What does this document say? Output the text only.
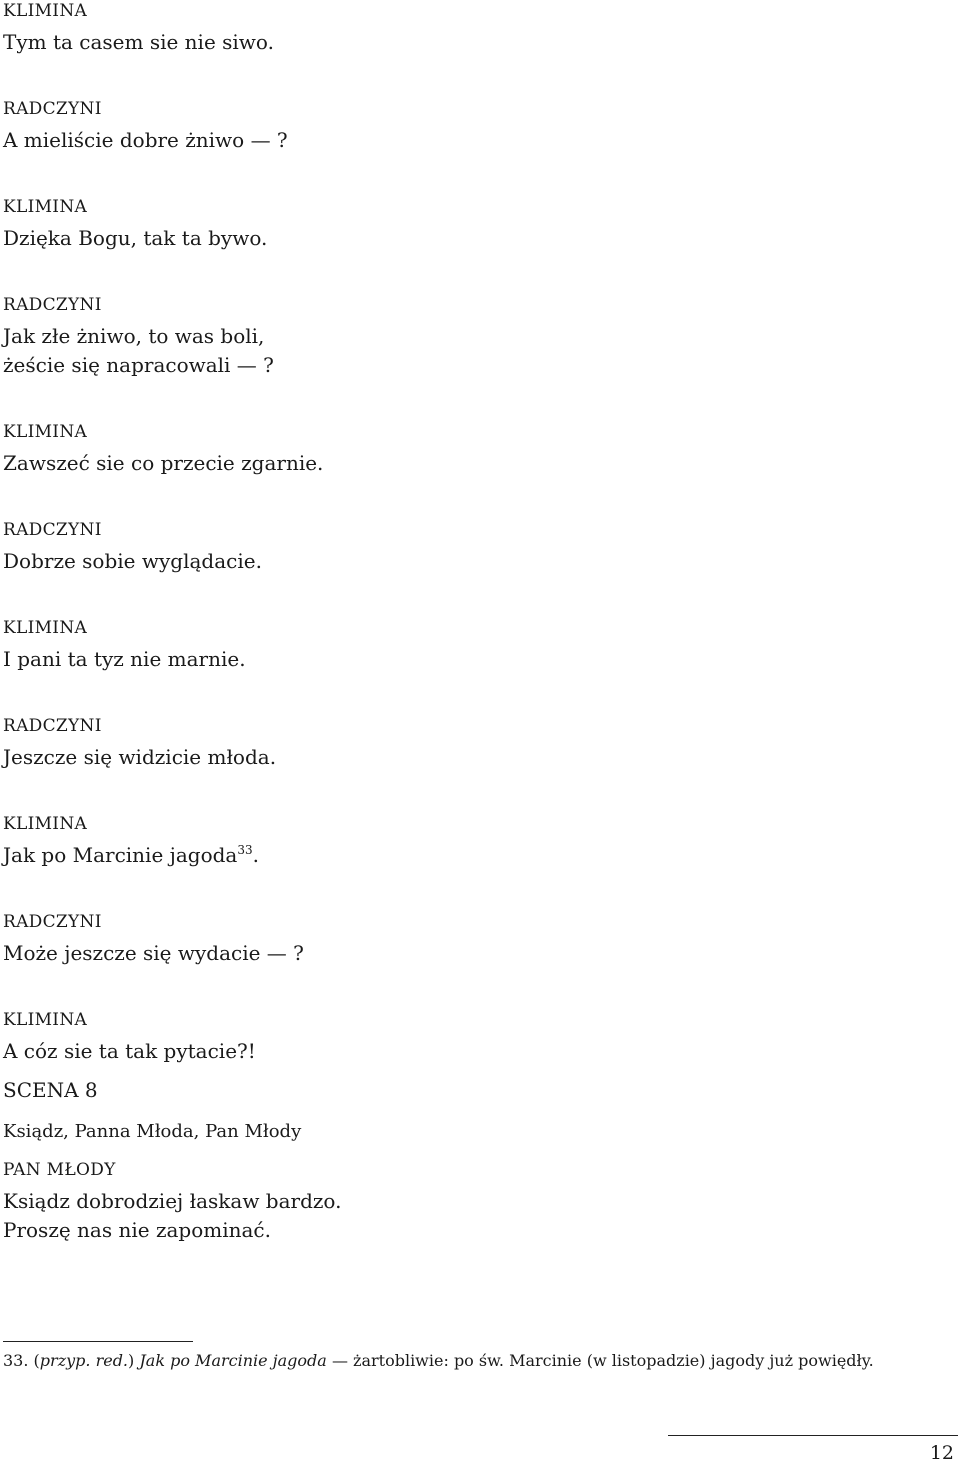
KLIMINA
Tym ta casem sie nie siwo.
RADCZYNI
A mieliście dobre żniwo — ?
KLIMINA
Dzięka Bogu, tak ta bywo.
RADCZYNI
Jak złe żniwo, to was boli,
żeście się napracowali — ?
KLIMINA
Zawszeć sie co przecie zgarnie.
RADCZYNI
Dobrze sobie wyglądacie.
KLIMINA
I pani ta tyz nie marnie.
RADCZYNI
Jeszcze się widzicie młoda.
KLIMINA
Jak po Marcinie jagoda$^{33}$.
RADCZYNI
Może jeszcze się wydacie — ?
KLIMINA
A cóz sie ta tak pytacie?!
SCENA 8
Ksiądz, Panna Młoda, Pan Młody
PAN MŁODY
Ksiądz dobrodziej łaskaw bardzo.
Proszę nas nie zapominać.
33. (przyp. red.) Jak po Marcinie jagoda — żartobliwie: po św. Marcinie (w listopadzie) jagody już powiędły.
12
